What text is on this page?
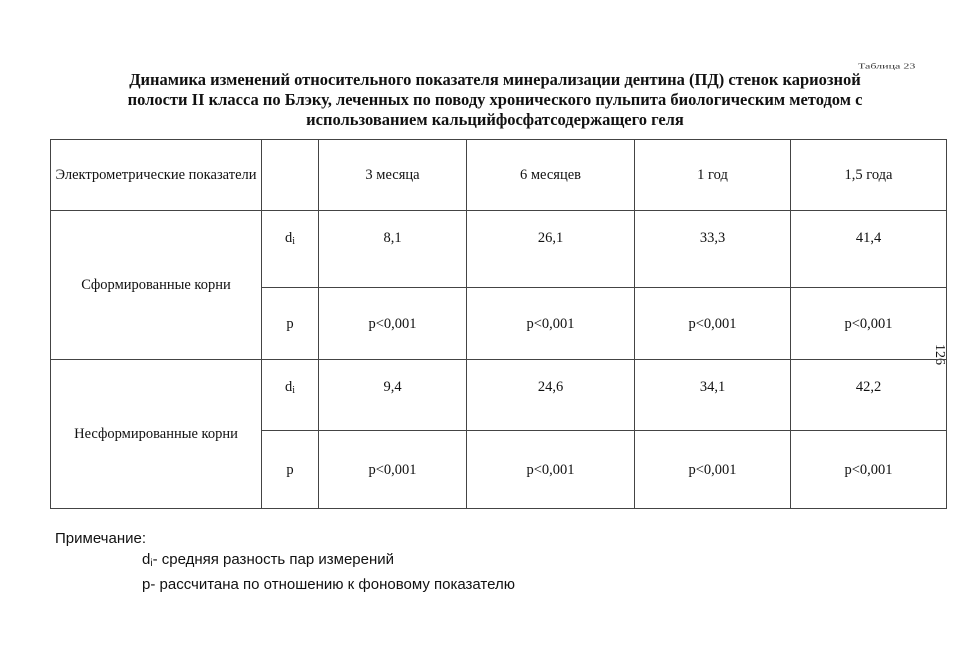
Таблица 23
Динамика изменений относительного показателя минерализации дентина (ПД) стенок кариозной
полости II класса по Блэку, леченных по поводу хронического пульпита биологическим методом с
использованием кальцийфосфатсодержащего геля
126
Электрометрические показатели		3 месяца	6 месяцев	1 год	1,5 года
Сформированные корни	$d_i$	8,1	26,1	33,3	41,4
	p	p<0,001	p<0,001	p<0,001	p<0,001
Несформированные корни	$d_i$	9,4	24,6	34,1	42,2
	p	p<0,001	p<0,001	p<0,001	p<0,001
Примечание:
$d_i-$ средняя разность пар измерений
p- рассчитана по отношению к фоновому показателю
